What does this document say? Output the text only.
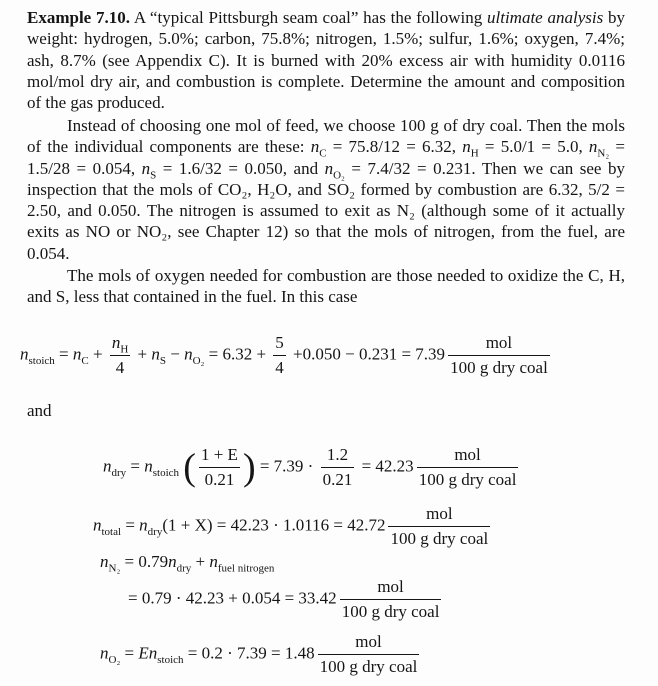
Example 7.10. A “typical Pittsburgh seam coal” has the following ultimate analysis by weight: hydrogen, 5.0%; carbon, 75.8%; nitrogen, 1.5%; sulfur, 1.6%; oxygen, 7.4%; ash, 8.7% (see Appendix C). It is burned with 20% excess air with humidity 0.0116 mol/mol dry air, and combustion is complete. Determine the amount and composition of the gas produced.
Instead of choosing one mol of feed, we choose 100 g of dry coal. Then the mols of the individual components are these: $n_C = 75.8/12 = 6.32$, $n_H = 5.0/1 = 5.0$, $n_{N_2} = 1.5/28 = 0.054$, $n_S = 1.6/32 = 0.050$, and $n_{O_2} = 7.4/32 = 0.231$. Then we can see by inspection that the mols of CO₂, H₂O, and SO₂ formed by combustion are 6.32, 5/2 = 2.50, and 0.050. The nitrogen is assumed to exit as N₂ (although some of it actually exits as NO or NO₂, see Chapter 12) so that the mols of nitrogen, from the fuel, are 0.054.
The mols of oxygen needed for combustion are those needed to oxidize the C, H, and S, less that contained in the fuel. In this case
$n_{stoich} = n_C + \frac{n_H}{4} + n_S - n_{O_2} = 6.32 + \frac{5}{4} +0.050 - 0.231 = 7.39 \frac{\text{mol}}{\text{100 g dry coal}}$
and
$n_{dry} = n_{stoich}$ ( $\frac{1 + E}{0.21}$ ) = $7.39 \cdot \frac{1.2}{0.21} = 42.23 \frac{\text{mol}}{\text{100 g dry coal}}$
$n_{total} = n_{dry}(1 + X) = 42.23 \cdot 1.0116 = 42.72 \frac{\text{mol}}{\text{100 g dry coal}}$
$n_{N_2} = 0.79n_{dry} + n_{fuel nitrogen}$
= $0.79 \cdot 42.23 + 0.054 = 33.42 \frac{\text{mol}}{\text{100 g dry coal}}$
$n_{O_2} = En_{stoich} = 0.2 \cdot 7.39 = 1.48 \frac{\text{mol}}{\text{100 g dry coal}}$
